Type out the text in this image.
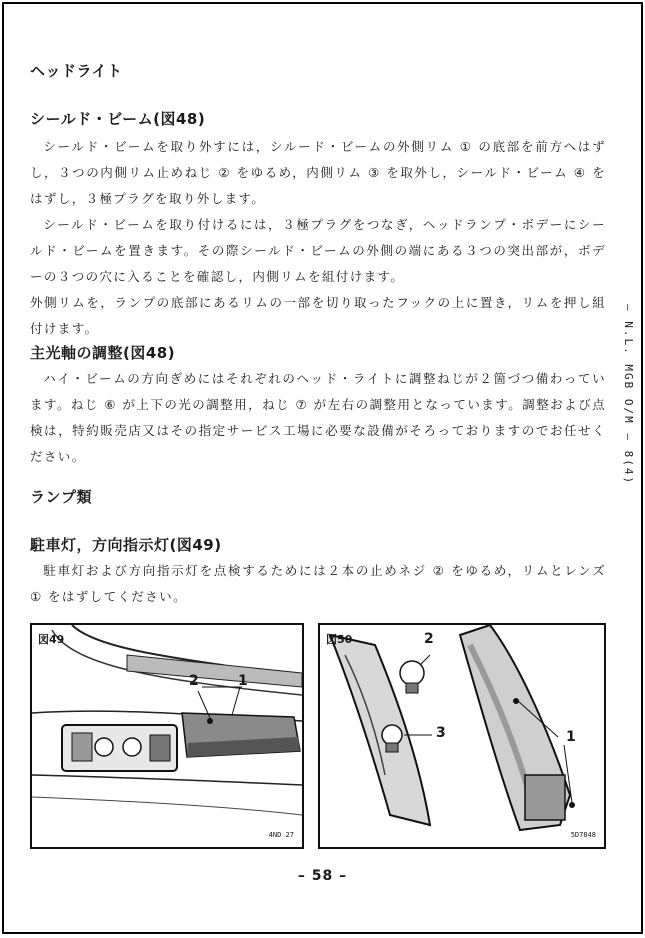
ヘッドライト
シールド・ビーム(図48)

シールド・ビームを取り外すには，シルード・ビームの外側リム ① の底部を前方へはずし，３つの内側リム止めねじ ② をゆるめ，内側リム ③ を取外し，シールド・ビーム ④ をはずし，３極プラグを取り外します。

シールド・ビームを取り付けるには，３極プラグをつなぎ，ヘッドランプ・ボデーにシールド・ビームを置きます。その際シールド・ビームの外側の端にある３つの突出部が，ボデーの３つの穴に入ることを確認し，内側リムを組付けます。

外側リムを，ランプの底部にあるリムの一部を切り取ったフックの上に置き，リムを押し組付けます。

主光軸の調整(図48)

ハイ・ビームの方向ぎめにはそれぞれのヘッド・ライトに調整ねじが２箇づつ備わっています。ねじ ⑥ が上下の光の調整用，ねじ ⑦ が左右の調整用となっています。調整および点検は，特約販売店又はその指定サービス工場に必要な設備がそろっておりますのでお任せください。

ランプ類
駐車灯，方向指示灯(図49)

駐車灯および方向指示灯を点検するためには２本の止めネジ ② をゆるめ，リムとレンズ ① をはずしてください。

— N.L. MGB O/M — 8(4)
図49
2	1
4ND 27
図50	2
3	1
5D7848
– 58 –
